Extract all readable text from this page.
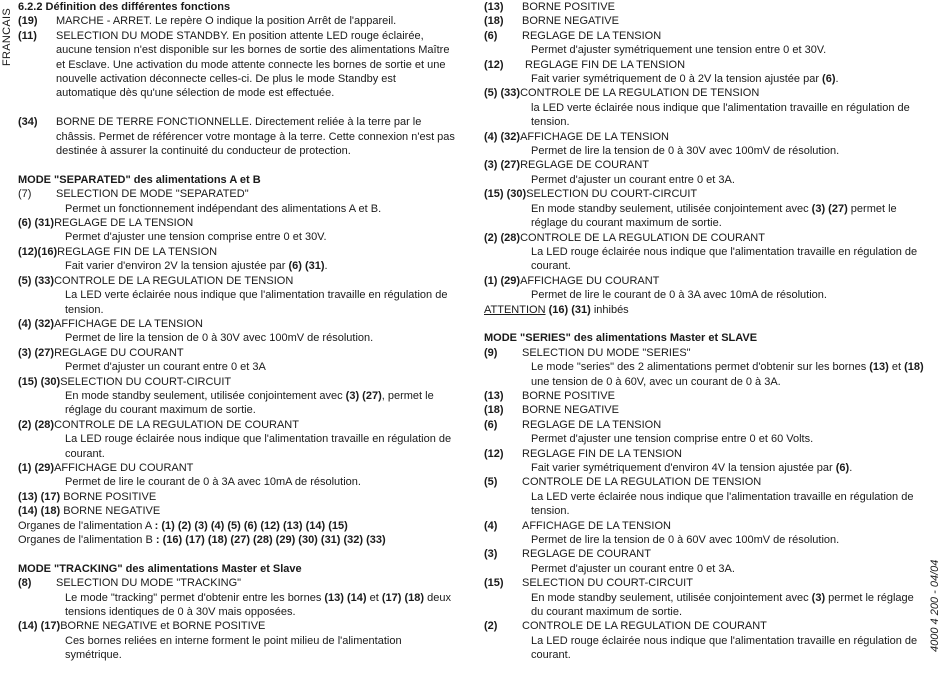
FRANCAIS
4000 4 200 - 04/04
6.2.2 Définition des différentes fonctions
(19)	MARCHE - ARRET. Le repère O indique la position Arrêt de l'appareil.
(11)	SELECTION DU MODE STANDBY. En position attente LED rouge éclairée, aucune tension n'est disponible sur les bornes de sortie des alimentations Maître et Esclave. Une activation du mode attente connecte les bornes de sortie et une nouvelle activation déconnecte celles-ci. De plus le mode Standby est automatique dès qu'une sélection de mode est effectuée.
(34)	BORNE DE TERRE FONCTIONNELLE. Directement reliée à la terre par le châssis. Permet de référencer votre montage à la terre. Cette connexion n'est pas destinée à assurer la continuité du conducteur de protection.
MODE "SEPARATED" des alimentations A et B
(7)	SELECTION DE MODE "SEPARATED"
Permet un fonctionnement indépendant des alimentations A et B.
(6) (31) REGLAGE DE LA TENSION
Permet d'ajuster une tension comprise entre 0 et 30V.
(12)(16) REGLAGE FIN DE LA TENSION
Fait varier d'environ 2V la tension ajustée par (6) (31).
(5) (33) CONTROLE DE LA REGULATION DE TENSION
La LED verte éclairée nous indique que l'alimentation travaille en régulation de tension.
(4) (32) AFFICHAGE DE LA TENSION
Permet de lire la tension de 0 à 30V avec 100mV de résolution.
(3) (27) REGLAGE DU COURANT
Permet d'ajuster un courant entre 0 et 3A
(15) (30) SELECTION DU COURT-CIRCUIT
En mode standby seulement, utilisée conjointement avec (3) (27), permet le réglage du courant maximum de sortie.
(2) (28) CONTROLE DE LA REGULATION DE COURANT
La LED rouge éclairée nous indique que l'alimentation travaille en régulation de courant.
(1) (29) AFFICHAGE DU COURANT
Permet de lire le courant de 0 à 3A avec 10mA de résolution.
(13) (17)
BORNE POSITIVE
(14) (18)
BORNE NEGATIVE
Organes de l'alimentation A : (1) (2) (3) (4) (5) (6) (12) (13) (14) (15)
Organes de l'alimentation B : (16) (17) (18) (27) (28) (29) (30) (31) (32) (33)
MODE "TRACKING" des alimentations Master et Slave
(8)	SELECTION DU MODE "TRACKING"
Le mode "tracking" permet d'obtenir entre les bornes (13) (14) et (17) (18) deux tensions identiques de 0 à 30V mais opposées.
(14) (17) BORNE NEGATIVE et BORNE POSITIVE
Ces bornes reliées en interne forment le point milieu de l'alimentation symétrique.
(13)	BORNE POSITIVE
(18)	BORNE NEGATIVE
(6)	REGLAGE DE LA TENSION
Permet d'ajuster symétriquement une tension entre 0 et 30V.
(12)	REGLAGE FIN DE LA TENSION
Fait varier symétriquement de 0 à 2V la tension ajustée par (6).
(5) (33) CONTROLE DE LA REGULATION DE TENSION
la LED verte éclairée nous indique que l'alimentation travaille en régulation de tension.
(4) (32) AFFICHAGE DE LA TENSION
Permet de lire la tension de 0 à 30V avec 100mV de résolution.
(3) (27) REGLAGE DE COURANT
Permet d'ajuster un courant entre 0 et 3A.
(15) (30) SELECTION DU COURT-CIRCUIT
En mode standby seulement, utilisée conjointement avec (3) (27) permet le réglage du courant maximum de sortie.
(2) (28) CONTROLE DE LA REGULATION DE COURANT
La LED rouge éclairée nous indique que l'alimentation travaille en régulation de courant.
(1) (29) AFFICHAGE DU COURANT
Permet de lire le courant de 0 à 3A avec 10mA de résolution.
ATTENTION (16) (31) inhibés
MODE "SERIES" des alimentations Master et SLAVE
(9)	SELECTION DU MODE "SERIES"
Le mode "series" des 2 alimentations permet d'obtenir sur les bornes (13) et (18) une tension de 0 à 60V, avec un courant de 0 à 3A.
(13)	BORNE POSITIVE
(18)	BORNE NEGATIVE
(6)	REGLAGE DE LA TENSION
Permet d'ajuster une tension comprise entre 0 et 60 Volts.
(12)	REGLAGE FIN DE LA TENSION
Fait varier symétriquement d'environ 4V la tension ajustée par (6).
(5)	CONTROLE DE LA REGULATION DE TENSION
La LED verte éclairée nous indique que l'alimentation travaille en régulation de tension.
(4)	AFFICHAGE DE LA TENSION
Permet de lire la tension de 0 à 60V avec 100mV de résolution.
(3)	REGLAGE DE COURANT
Permet d'ajuster un courant entre 0 et 3A.
(15)	SELECTION DU COURT-CIRCUIT
En mode standby seulement, utilisée conjointement avec (3) permet le réglage du courant maximum de sortie.
(2)	CONTROLE DE LA REGULATION DE COURANT
La LED rouge éclairée nous indique que l'alimentation travaille en régulation de courant.
